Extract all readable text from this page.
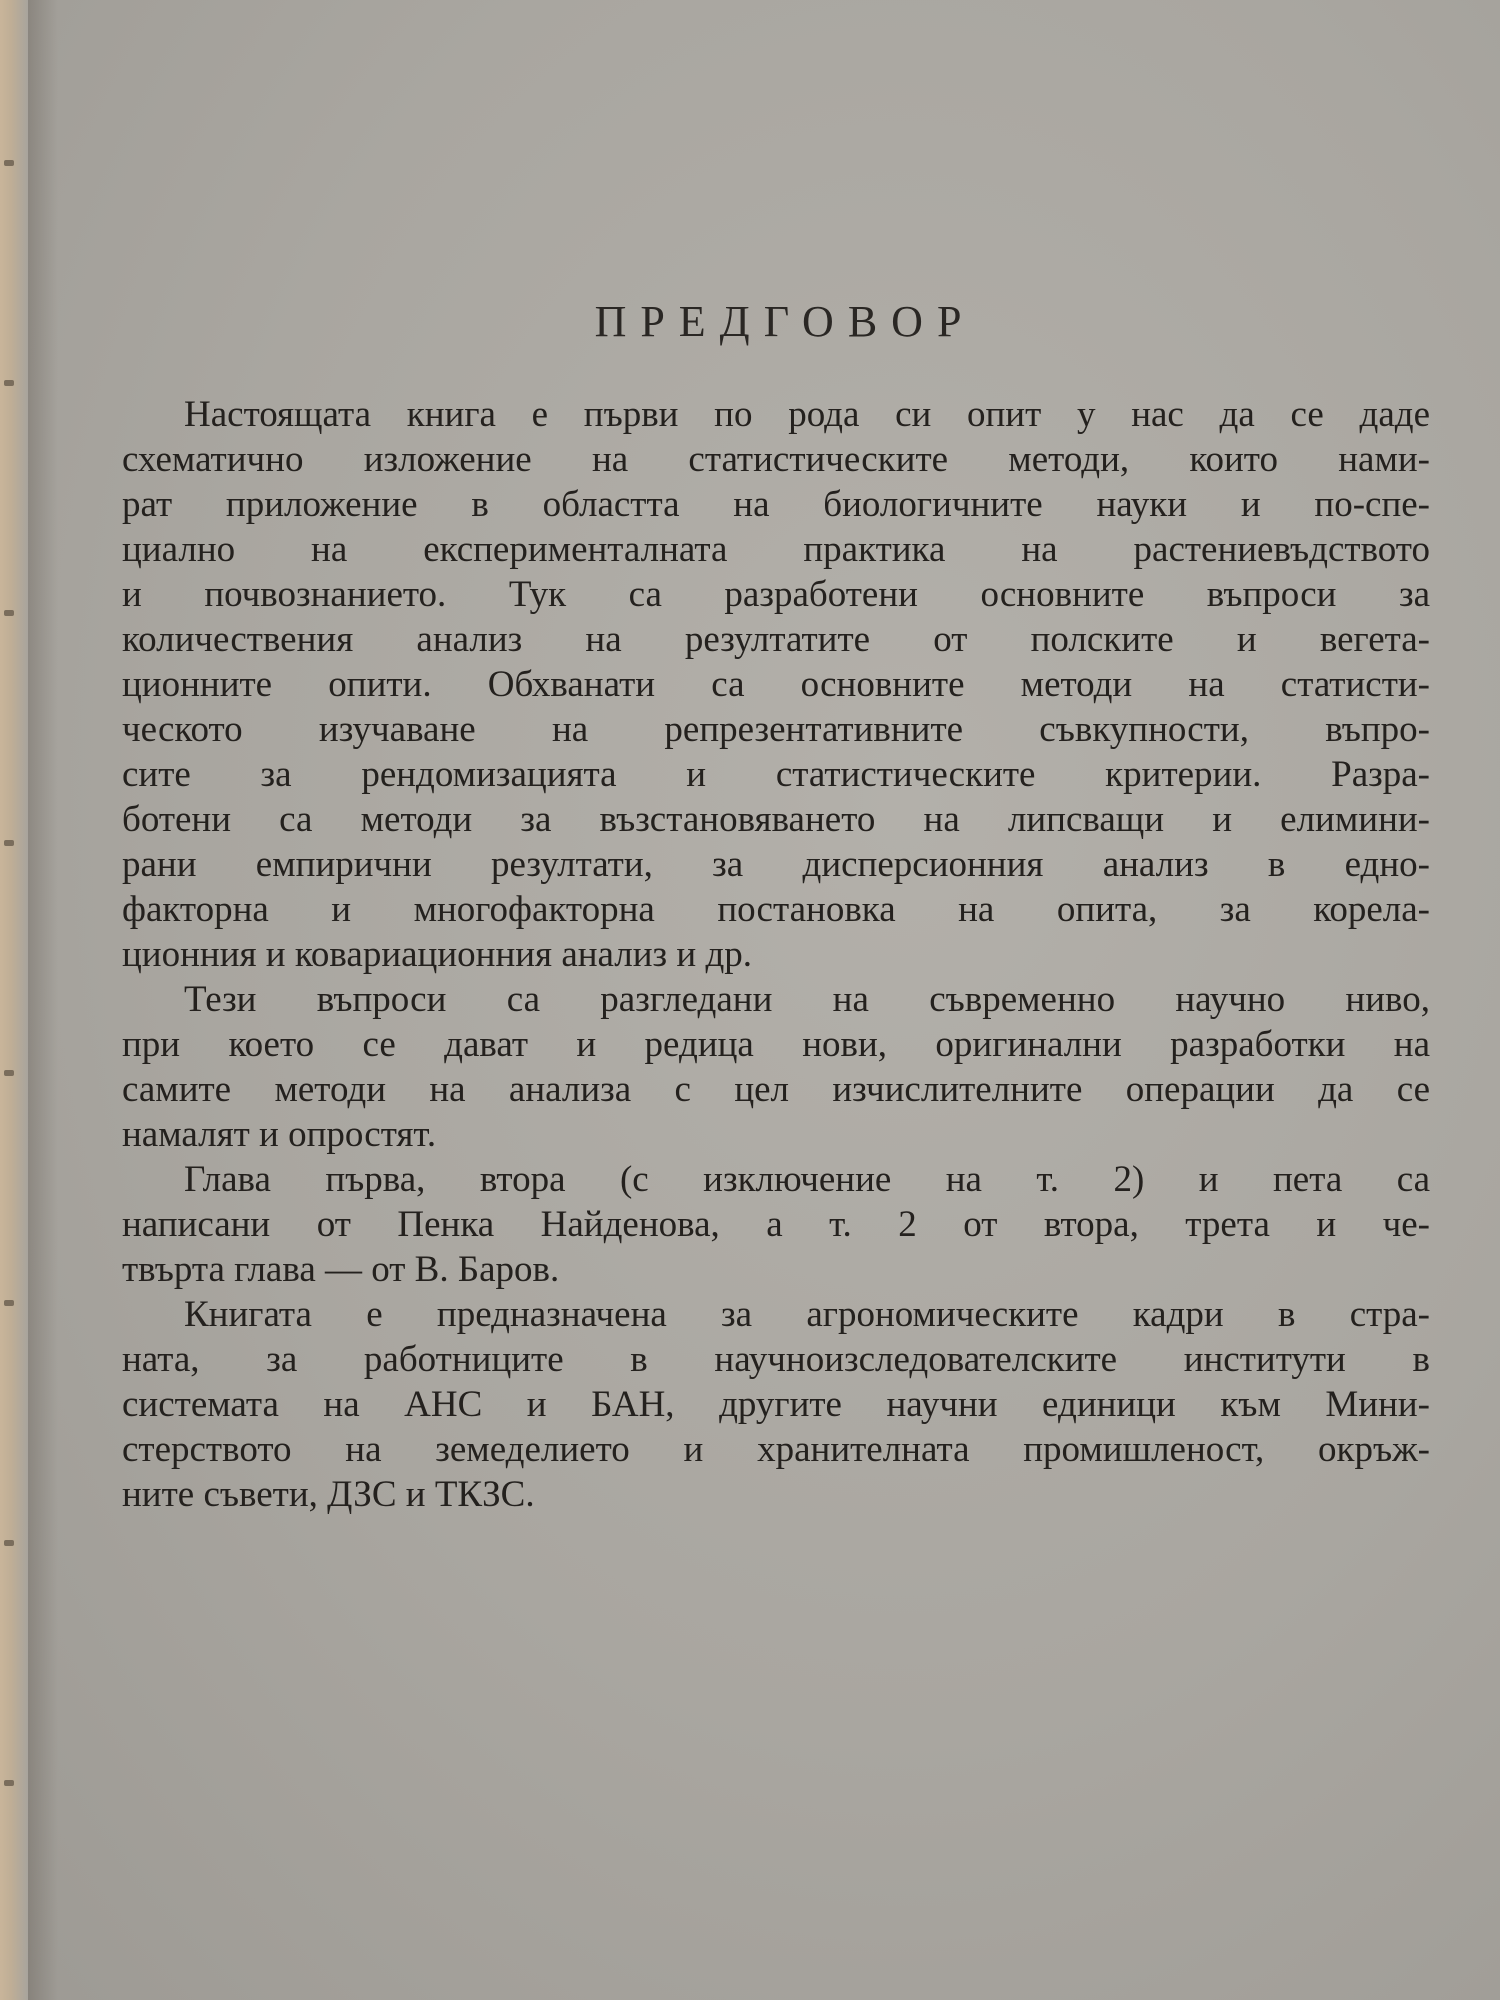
ПРЕДГОВОР
Настоящата книга е първи по рода си опит у нас да се даде
схематично изложение на статистическите методи, които нами-
рат приложение в областта на биологичните науки и по-спе-
циално на експерименталната практика на растениевъдството
и почвознанието. Тук са разработени основните въпроси за
количествения анализ на резултатите от полските и вегета-
ционните опити. Обхванати са основните методи на статисти-
ческото изучаване на репрезентативните съвкупности, въпро-
сите за рендомизацията и статистическите критерии. Разра-
ботени са методи за възстановяването на липсващи и елимини-
рани емпирични резултати, за дисперсионния анализ в едно-
факторна и многофакторна постановка на опита, за корела-
ционния и ковариационния анализ и др.
Тези въпроси са разгледани на съвременно научно ниво,
при което се дават и редица нови, оригинални разработки на
самите методи на анализа с цел изчислителните операции да се
намалят и опростят.
Глава първа, втора (с изключение на т. 2) и пета са
написани от Пенка Найденова, а т. 2 от втора, трета и че-
твърта глава — от В. Баров.
Книгата е предназначена за агрономическите кадри в стра-
ната, за работниците в научноизследователските институти в
системата на АНС и БАН, другите научни единици към Мини-
стерството на земеделието и хранителната промишленост, окръж-
ните съвети, ДЗС и ТКЗС.
